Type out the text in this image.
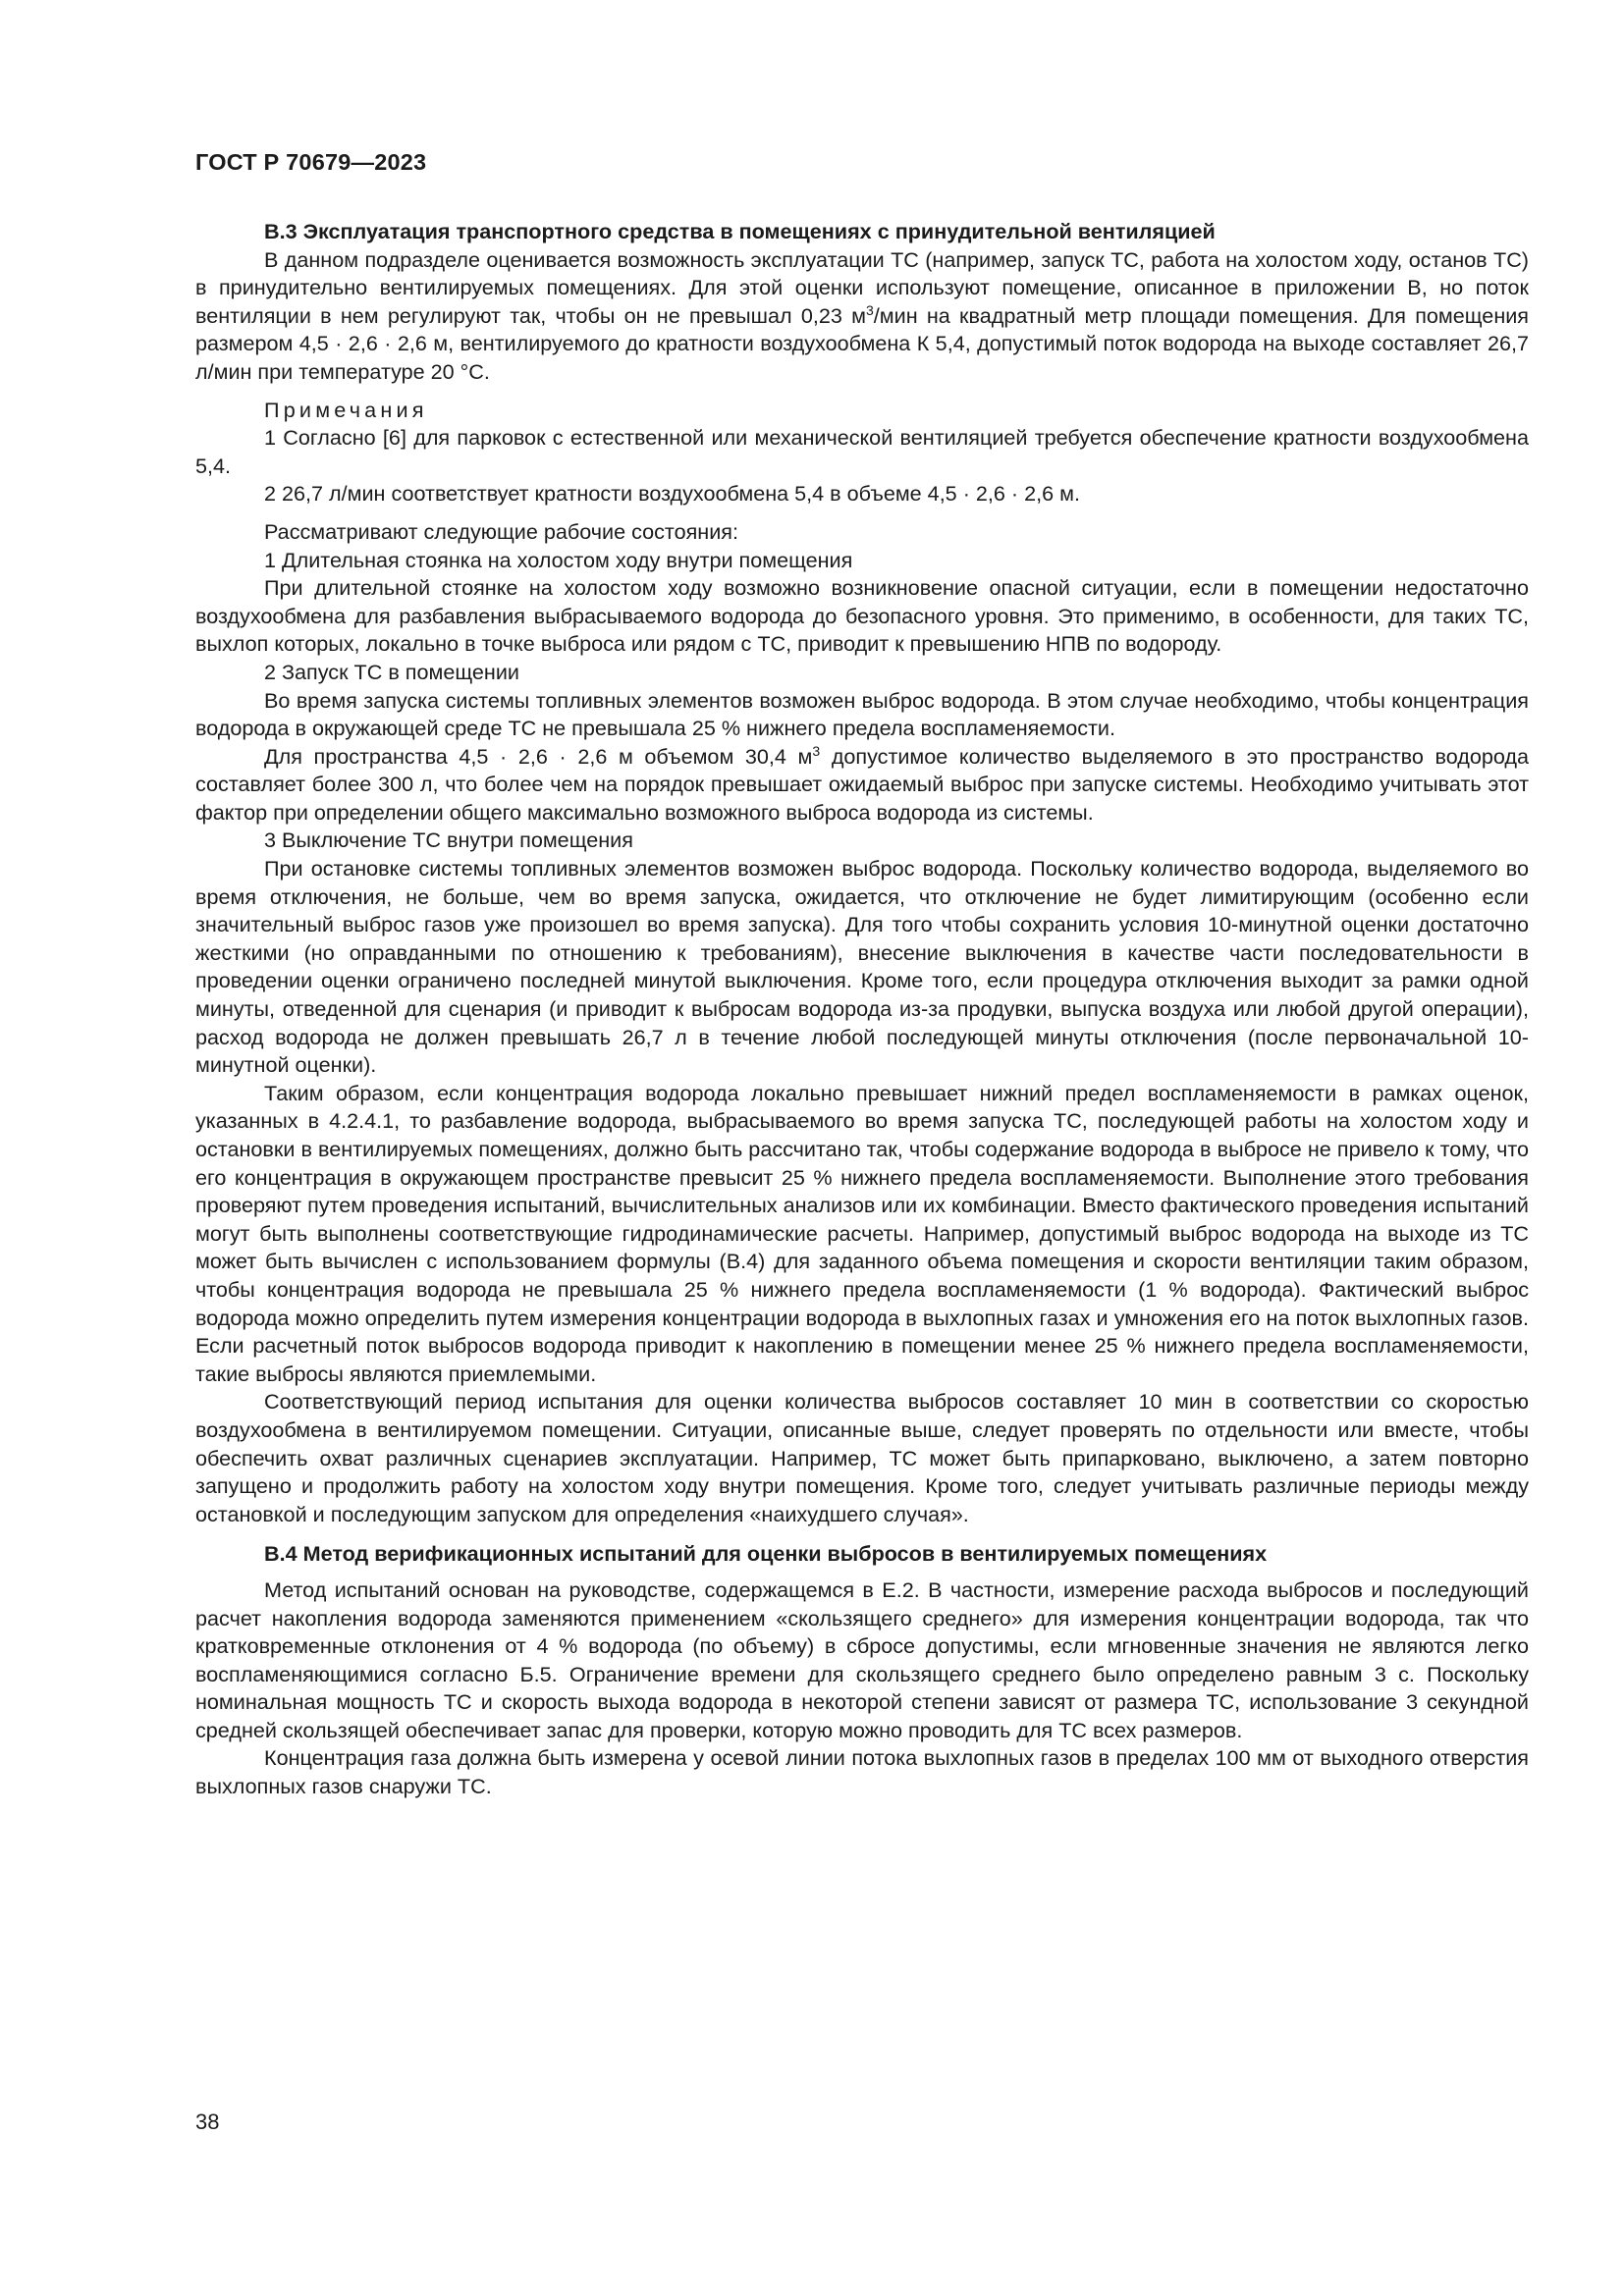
ГОСТ Р 70679—2023

В.3 Эксплуатация транспортного средства в помещениях с принудительной вентиляцией

В данном подразделе оценивается возможность эксплуатации ТС (например, запуск ТС, работа на холостом ходу, останов ТС) в принудительно вентилируемых помещениях. Для этой оценки используют помещение, описанное в приложении В, но поток вентиляции в нем регулируют так, чтобы он не превышал 0,23 $м^3$/мин на квадратный метр площади помещения. Для помещения размером 4,5 · 2,6 · 2,6 м, вентилируемого до кратности воздухообмена К 5,4, допустимый поток водорода на выходе составляет 26,7 л/мин при температуре 20 °С.

Примечания

1 Согласно [6] для парковок с естественной или механической вентиляцией требуется обеспечение кратности воздухообмена 5,4.

2 26,7 л/мин соответствует кратности воздухообмена 5,4 в объеме 4,5 · 2,6 · 2,6 м.

Рассматривают следующие рабочие состояния:

1 Длительная стоянка на холостом ходу внутри помещения

При длительной стоянке на холостом ходу возможно возникновение опасной ситуации, если в помещении недостаточно воздухообмена для разбавления выбрасываемого водорода до безопасного уровня. Это применимо, в особенности, для таких ТС, выхлоп которых, локально в точке выброса или рядом с ТС, приводит к превышению НПВ по водороду.

2 Запуск ТС в помещении

Во время запуска системы топливных элементов возможен выброс водорода. В этом случае необходимо, чтобы концентрация водорода в окружающей среде ТС не превышала 25 % нижнего предела воспламеняемости.

Для пространства 4,5 · 2,6 · 2,6 м объемом 30,4 $м^3$ допустимое количество выделяемого в это пространство водорода составляет более 300 л, что более чем на порядок превышает ожидаемый выброс при запуске системы. Необходимо учитывать этот фактор при определении общего максимально возможного выброса водорода из системы.

3 Выключение ТС внутри помещения

При остановке системы топливных элементов возможен выброс водорода. Поскольку количество водорода, выделяемого во время отключения, не больше, чем во время запуска, ожидается, что отключение не будет лимитирующим (особенно если значительный выброс газов уже произошел во время запуска). Для того чтобы сохранить условия 10-минутной оценки достаточно жесткими (но оправданными по отношению к требованиям), внесение выключения в качестве части последовательности в проведении оценки ограничено последней минутой выключения. Кроме того, если процедура отключения выходит за рамки одной минуты, отведенной для сценария (и приводит к выбросам водорода из-за продувки, выпуска воздуха или любой другой операции), расход водорода не должен превышать 26,7 л в течение любой последующей минуты отключения (после первоначальной 10-минутной оценки).

Таким образом, если концентрация водорода локально превышает нижний предел воспламеняемости в рамках оценок, указанных в 4.2.4.1, то разбавление водорода, выбрасываемого во время запуска ТС, последующей работы на холостом ходу и остановки в вентилируемых помещениях, должно быть рассчитано так, чтобы содержание водорода в выбросе не привело к тому, что его концентрация в окружающем пространстве превысит 25 % нижнего предела воспламеняемости. Выполнение этого требования проверяют путем проведения испытаний, вычислительных анализов или их комбинации. Вместо фактического проведения испытаний могут быть выполнены соответствующие гидродинамические расчеты. Например, допустимый выброс водорода на выходе из ТС может быть вычислен с использованием формулы (В.4) для заданного объема помещения и скорости вентиляции таким образом, чтобы концентрация водорода не превышала 25 % нижнего предела воспламеняемости (1 % водорода). Фактический выброс водорода можно определить путем измерения концентрации водорода в выхлопных газах и умножения его на поток выхлопных газов. Если расчетный поток выбросов водорода приводит к накоплению в помещении менее 25 % нижнего предела воспламеняемости, такие выбросы являются приемлемыми.

Соответствующий период испытания для оценки количества выбросов составляет 10 мин в соответствии со скоростью воздухообмена в вентилируемом помещении. Ситуации, описанные выше, следует проверять по отдельности или вместе, чтобы обеспечить охват различных сценариев эксплуатации. Например, ТС может быть припарковано, выключено, а затем повторно запущено и продолжить работу на холостом ходу внутри помещения. Кроме того, следует учитывать различные периоды между остановкой и последующим запуском для определения «наихудшего случая».

В.4 Метод верификационных испытаний для оценки выбросов в вентилируемых помещениях

Метод испытаний основан на руководстве, содержащемся в Е.2. В частности, измерение расхода выбросов и последующий расчет накопления водорода заменяются применением «скользящего среднего» для измерения концентрации водорода, так что кратковременные отклонения от 4 % водорода (по объему) в сбросе допустимы, если мгновенные значения не являются легко воспламеняющимися согласно Б.5. Ограничение времени для скользящего среднего было определено равным 3 с. Поскольку номинальная мощность ТС и скорость выхода водорода в некоторой степени зависят от размера ТС, использование 3 секундной средней скользящей обеспечивает запас для проверки, которую можно проводить для ТС всех размеров.

Концентрация газа должна быть измерена у осевой линии потока выхлопных газов в пределах 100 мм от выходного отверстия выхлопных газов снаружи ТС.

38
